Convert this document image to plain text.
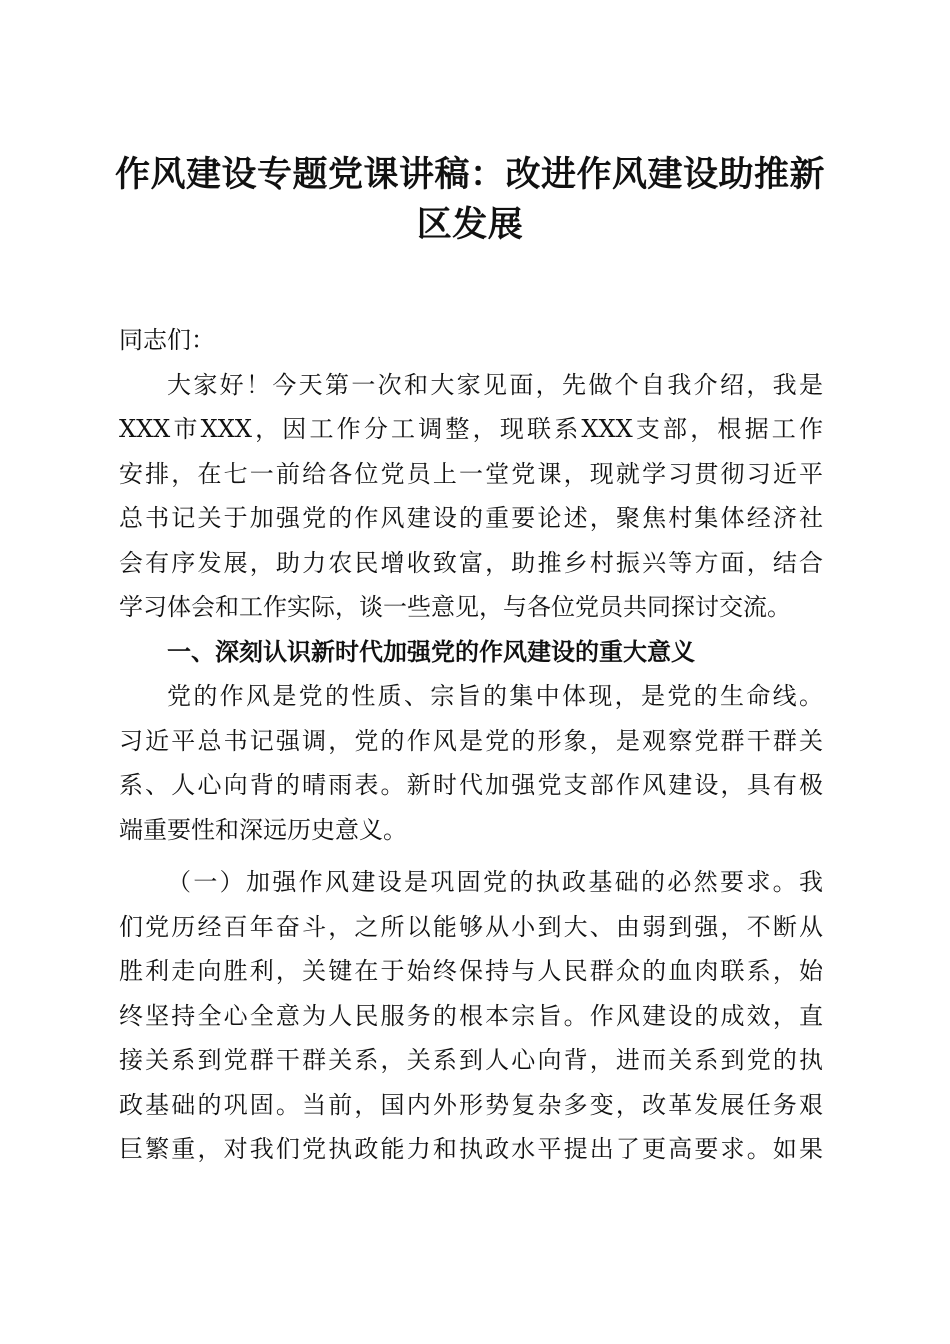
作风建设专题党课讲稿：改进作风建设助推新
区发展
同志们：
大家好！今天第一次和大家见面，先做个自我介绍，我是
XXX市XXX，因工作分工调整，现联系XXX支部，根据工作
安排，在七一前给各位党员上一堂党课，现就学习贯彻习近平
总书记关于加强党的作风建设的重要论述，聚焦村集体经济社
会有序发展，助力农民增收致富，助推乡村振兴等方面，结合
学习体会和工作实际，谈一些意见，与各位党员共同探讨交流。
一、深刻认识新时代加强党的作风建设的重大意义
党的作风是党的性质、宗旨的集中体现，是党的生命线。
习近平总书记强调，党的作风是党的形象，是观察党群干群关
系、人心向背的晴雨表。新时代加强党支部作风建设，具有极
端重要性和深远历史意义。
（一）加强作风建设是巩固党的执政基础的必然要求。我
们党历经百年奋斗，之所以能够从小到大、由弱到强，不断从
胜利走向胜利，关键在于始终保持与人民群众的血肉联系，始
终坚持全心全意为人民服务的根本宗旨。作风建设的成效，直
接关系到党群干群关系，关系到人心向背，进而关系到党的执
政基础的巩固。当前，国内外形势复杂多变，改革发展任务艰
巨繁重，对我们党执政能力和执政水平提出了更高要求。如果
